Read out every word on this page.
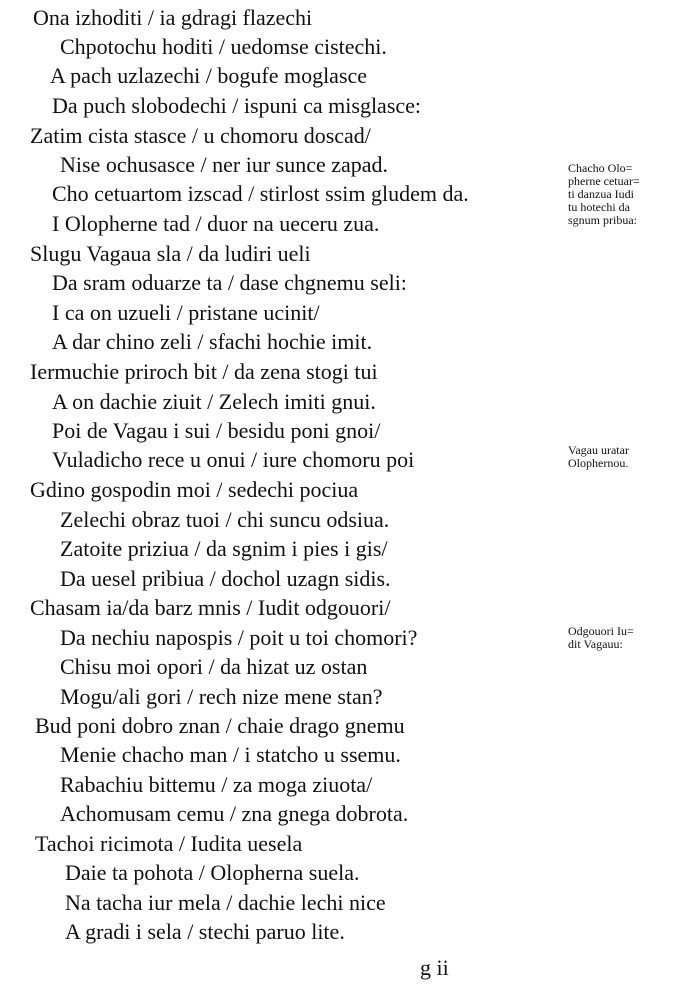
Ona izhoditi / ia gdragi flazechi
Chpotochu hoditi / uedomse cistechi.
A pach uzlazechi / bogufe moglasce
Da puch slobodechi / ispuni ca misglasce:
Zatim cista stasce / u chomoru doscad/
Nise ochusasce / ner iur sunce zapad.
Cho cetuartom izscad / stirlost ssim gludem da.
I Olopherne tad / duor na ueceru zua.
Slugu Vagaua sla / da ludiri ueli
Da sram oduarze ta / dase chgnemu seli:
I ca on uzueli / pristane ucinit/
A dar chino zeli / sfachi hochie imit.
Iermuchie priroch bit / da zena stogi tui
A on dachie ziuit / Zelech imiti gnui.
Poi de Vagau i sui / besidu poni gnoi/
Vuladicho rece u onui / iure chomoru poi
Gdino gospodin moi / sedechi pociua
Zelechi obraz tuoi / chi suncu odsiua.
Zatoite priziua / da sgnim i pies i gis/
Da uesel pribiua / dochol uzagn sidis.
Chasam ia/da barz mnis / Iudit odgouori/
Da nechiu napospis / poit u toi chomori?
Chisu moi opori / da hizat uz ostan
Mogu/ali gori / rech nize mene stan?
Bud poni dobro znan / chaie drago gnemu
Menie chacho man / i statcho u ssemu.
Rabachiu bittemu / za moga ziuota/
Achomusam cemu / zna gnega dobrota.
Tachoi ricimota / Iudita uesela
Daie ta pohota / Olopherna suela.
Na tacha iur mela / dachie lechi nice
A gradi i sela / stechi paruo lite.
Chacho Olo=
pherne cetuar=
ti danzua Iudi
tu hotechi da
sgnum pribua:
Vagau uratar
Olophernou.
Odgouori Iu=
dit Vagauu:
g ii
